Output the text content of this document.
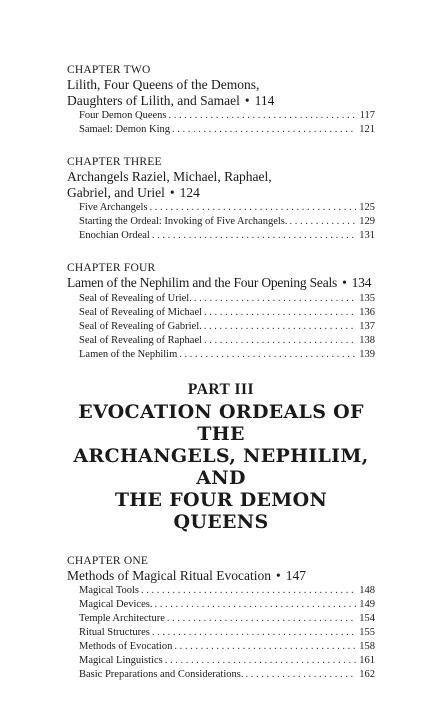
CHAPTER TWO
Lilith, Four Queens of the Demons,
Daughters of Lilith, and Samael • 114
Four Demon Queens . . .	117
Samael: Demon King . . .	121
CHAPTER THREE
Archangels Raziel, Michael, Raphael,
Gabriel, and Uriel • 124
Five Archangels . . .	125
Starting the Ordeal: Invoking of Five Archangels. . . .	129
Enochian Ordeal . . .	131
CHAPTER FOUR
Lamen of the Nephilim and the Four Opening Seals • 134
Seal of Revealing of Uriel. . . .	135
Seal of Revealing of Michael . . .	136
Seal of Revealing of Gabriel. . . .	137
Seal of Revealing of Raphael . . .	138
Lamen of the Nephilim . . .	139
PART III
EVOCATION ORDEALS OF THE
ARCHANGELS, NEPHILIM, AND
THE FOUR DEMON QUEENS
CHAPTER ONE
Methods of Magical Ritual Evocation • 147
Magical Tools . . .	148
Magical Devices. . . .	149
Temple Architecture . . .	154
Ritual Structures . . .	155
Methods of Evocation . . .	158
Magical Linguistics . . .	161
Basic Preparations and Considerations. . . .	162
